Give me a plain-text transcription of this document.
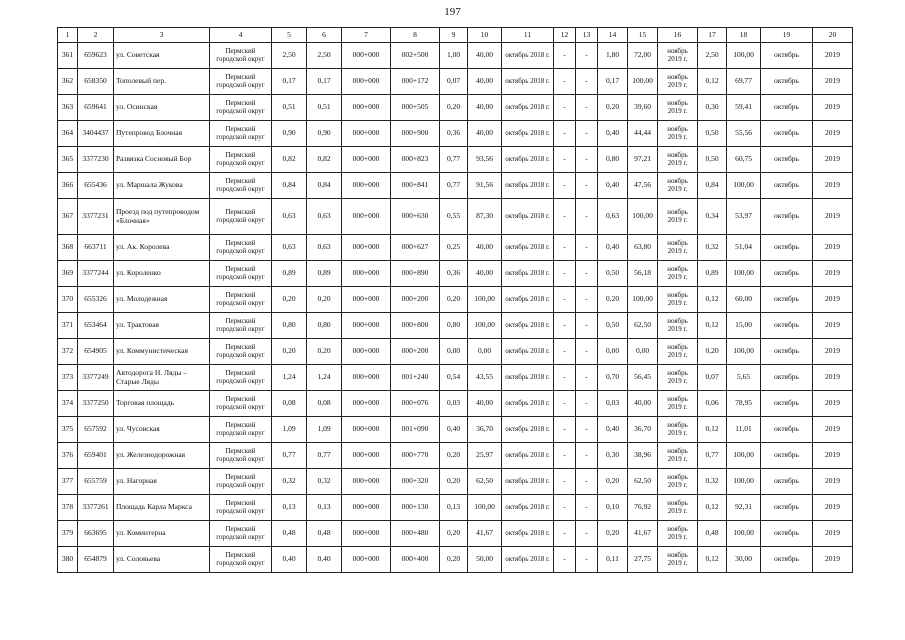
197
1	2	3	4	5	6	7	8	9	10	11	12	13	14	15	16	17	18	19	20
361	659623	ул. Советская	Пермский городской округ	2,50	2,50	000+000	002+500	1,00	40,00	октябрь 2018 г.	-	-	1,80	72,00	ноябрь 2019 г.	2,50	100,00	октябрь	2019
362	658350	Тополевый пер.	Пермский городской округ	0,17	0,17	000+000	000+172	0,07	40,00	октябрь 2018 г.	-	-	0,17	100,00	ноябрь 2019 г.	0,12	69,77	октябрь	2019
363	659641	ул. Осинская	Пермский городской округ	0,51	0,51	000+000	000+505	0,20	40,00	октябрь 2018 г.	-	-	0,20	39,60	ноябрь 2019 г.	0,30	59,41	октябрь	2019
364	3404437	Путепровод Блочная	Пермский городской округ	0,90	0,90	000+000	000+900	0,36	40,00	октябрь 2018 г.	-	-	0,40	44,44	ноябрь 2019 г.	0,50	55,56	октябрь	2019
365	3377230	Развязка Сосновый Бор	Пермский городской округ	0,82	0,82	000+000	000+823	0,77	93,56	октябрь 2018 г.	-	-	0,80	97,21	ноябрь 2019 г.	0,50	60,75	октябрь	2019
366	655436	ул. Маршала Жукова	Пермский городской округ	0,84	0,84	000+000	000+841	0,77	91,56	октябрь 2018 г.	-	-	0,40	47,56	ноябрь 2019 г.	0,84	100,00	октябрь	2019
367	3377231	Проезд под путепроводом «Блочная»	Пермский городской округ	0,63	0,63	000+000	000+630	0,55	87,30	октябрь 2018 г.	-	-	0,63	100,00	ноябрь 2019 г.	0,34	53,97	октябрь	2019
368	663711	ул. Ак. Королева	Пермский городской округ	0,63	0,63	000+000	000+627	0,25	40,00	октябрь 2018 г.	-	-	0,40	63,80	ноябрь 2019 г.	0,32	51,04	октябрь	2019
369	3377244	ул. Короленко	Пермский городской округ	0,89	0,89	000+000	000+890	0,36	40,00	октябрь 2018 г.	-	-	0,50	56,18	ноябрь 2019 г.	0,89	100,00	октябрь	2019
370	655326	ул. Молодежная	Пермский городской округ	0,20	0,20	000+000	000+200	0,20	100,00	октябрь 2018 г.	-	-	0,20	100,00	ноябрь 2019 г.	0,12	60,00	октябрь	2019
371	653464	ул. Трактовая	Пермский городской округ	0,80	0,80	000+000	000+800	0,80	100,00	октябрь 2018 г.	-	-	0,50	62,50	ноябрь 2019 г.	0,12	15,00	октябрь	2019
372	654905	ул. Коммунистическая	Пермский городской округ	0,20	0,20	000+000	000+200	0,00	0,00	октябрь 2018 г.	-	-	0,00	0,00	ноябрь 2019 г.	0,20	100,00	октябрь	2019
373	3377249	Автодорога Н. Ляды – Старые Ляды	Пермский городской округ	1,24	1,24	000+000	001+240	0,54	43,55	октябрь 2018 г.	-	-	0,70	56,45	ноябрь 2019 г.	0,07	5,65	октябрь	2019
374	3377250	Торговая площадь	Пермский городской округ	0,08	0,08	000+000	000+076	0,03	40,00	октябрь 2018 г.	-	-	0,03	40,00	ноябрь 2019 г.	0,06	78,95	октябрь	2019
375	657592	ул. Чусовская	Пермский городской округ	1,09	1,09	000+000	001+090	0,40	36,70	октябрь 2018 г.	-	-	0,40	36,70	ноябрь 2019 г.	0,12	11,01	октябрь	2019
376	659401	ул. Железнодорожная	Пермский городской округ	0,77	0,77	000+000	000+770	0,20	25,97	октябрь 2018 г.	-	-	0,30	38,96	ноябрь 2019 г.	0,77	100,00	октябрь	2019
377	655759	ул. Нагорная	Пермский городской округ	0,32	0,32	000+000	000+320	0,20	62,50	октябрь 2018 г.	-	-	0,20	62,50	ноябрь 2019 г.	0,32	100,00	октябрь	2019
378	3377261	Площадь Карла Маркса	Пермский городской округ	0,13	0,13	000+000	000+130	0,13	100,00	октябрь 2018 г.	-	-	0,10	76,92	ноябрь 2019 г.	0,12	92,31	октябрь	2019
379	663695	ул. Коминтерна	Пермский городской округ	0,48	0,48	000+000	000+480	0,20	41,67	октябрь 2018 г.	-	-	0,20	41,67	ноябрь 2019 г.	0,48	100,00	октябрь	2019
380	654879	ул. Соловьева	Пермский городской округ	0,40	0,40	000+000	000+400	0,20	50,00	октябрь 2018 г.	-	-	0,11	27,75	ноябрь 2019 г.	0,12	30,00	октябрь	2019
